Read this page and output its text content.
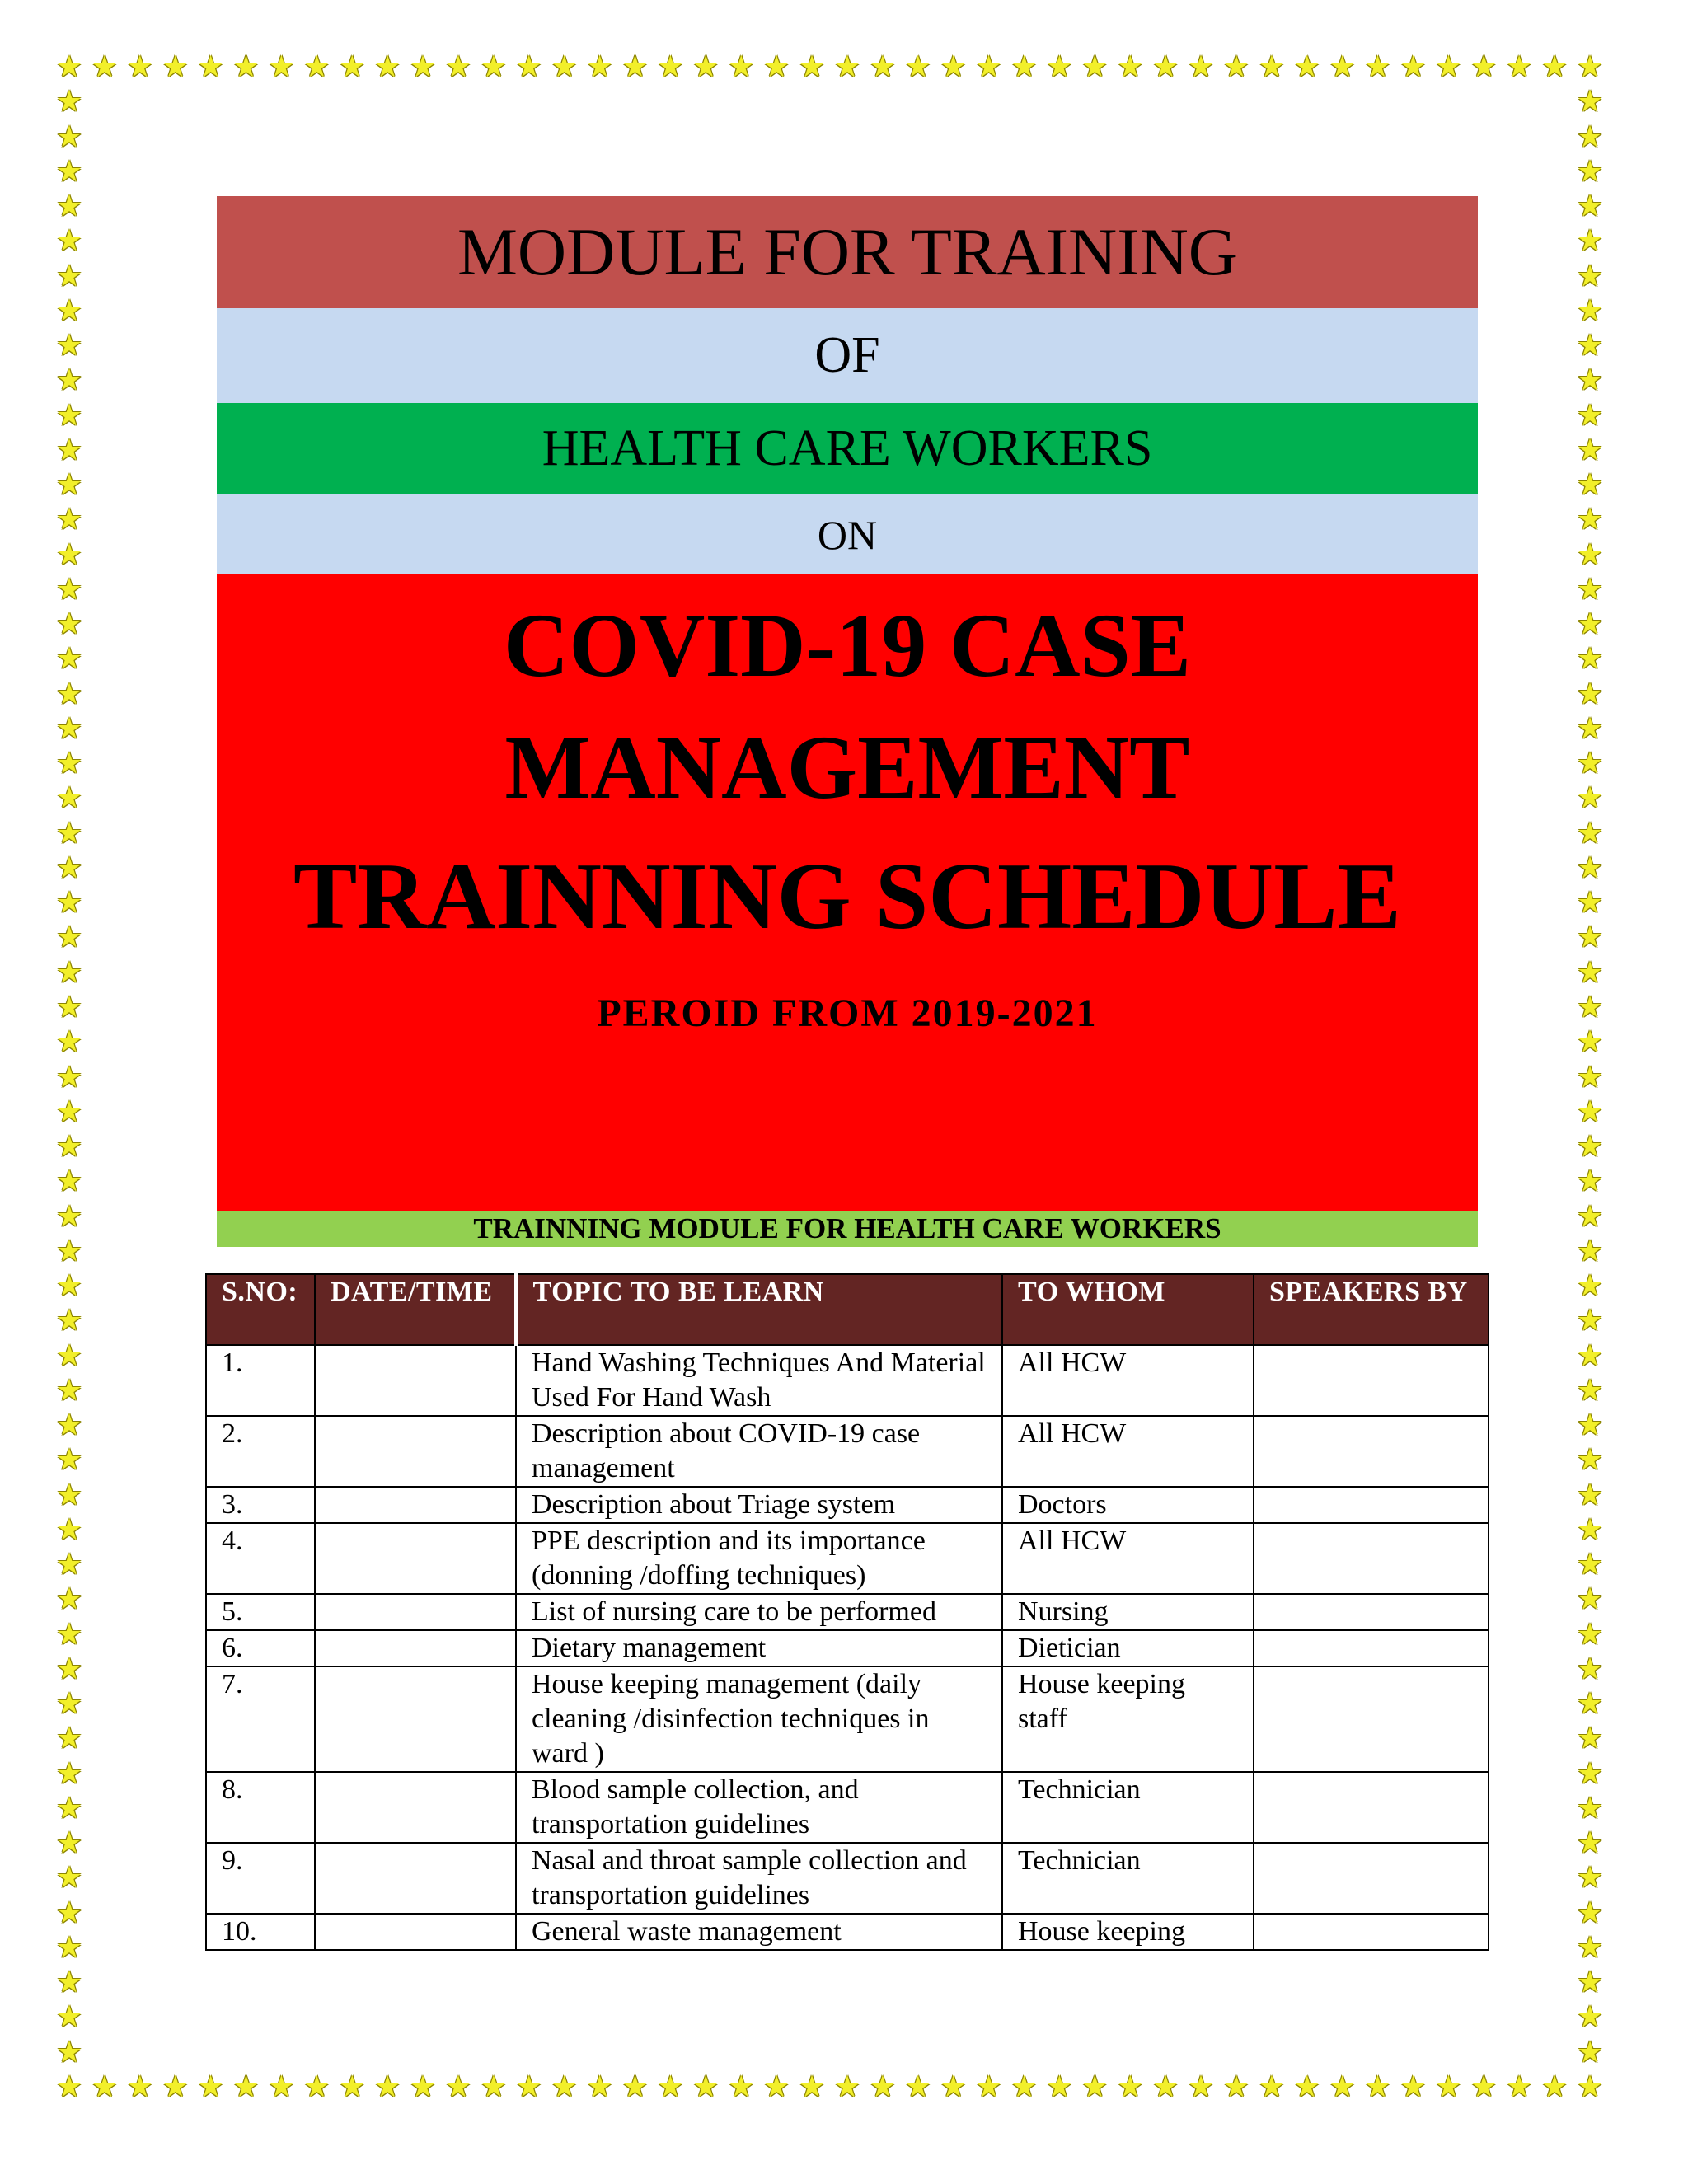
★
★
★
★
★
★
★
★
★
★
★
★
★
★
★
★
★
★
★
★
★
★
★
★
★
★
★
★
★
★
★
★
★
★
★
★
★
★
★
★
★
★
★
★
★
★
★
★
★
★
★
★
★
★
★
★
★
★
★
★
★
★
★
★
★
★
★
★
★
★
★
★
★
★
★
★
★
★
★
★
★
★
★
★
★
★
★
★
★	★
★	★
★	★
★	★
★	★
★	★
★	★
★	★
★	★
★	★
★	★
★	★
★	★
★	★
★	★
★	★
★	★
★	★
★	★
★	★
★	★
★	★
★	★
★	★
★	★
★	★
★	★
★	★
★	★
★	★
★	★
★	★
★	★
★	★
★	★
★	★
★	★
★	★
★	★
★	★
★	★
★	★
★	★
★	★
★	★
★	★
★	★
★	★
★	★
★	★
★	★
★	★
★	★
★	★
★	★
★	★
★	★
MODULE FOR TRAINING
OF
HEALTH CARE WORKERS
ON
COVID-19 CASE
MANAGEMENT
TRAINNING SCHEDULE
PEROID FROM 2019-2021
TRAINNING MODULE FOR HEALTH CARE WORKERS
S.NO:	DATE/TIME	TOPIC TO BE LEARN	TO WHOM	SPEAKERS BY
1.		Hand Washing Techniques And Material Used For Hand Wash	All HCW	
2.		Description about COVID-19 case management	All HCW	
3.		Description about Triage system	Doctors	
4.		PPE description and its importance (donning /doffing techniques)	All HCW	
5.		List of nursing care to be performed	Nursing	
6.		Dietary management	Dietician	
7.		House keeping management (daily cleaning /disinfection techniques in ward )	House keeping staff	
8.		Blood sample collection, and transportation guidelines	Technician	
9.		Nasal and throat sample collection and transportation guidelines	Technician	
10.		General waste management	House keeping	
